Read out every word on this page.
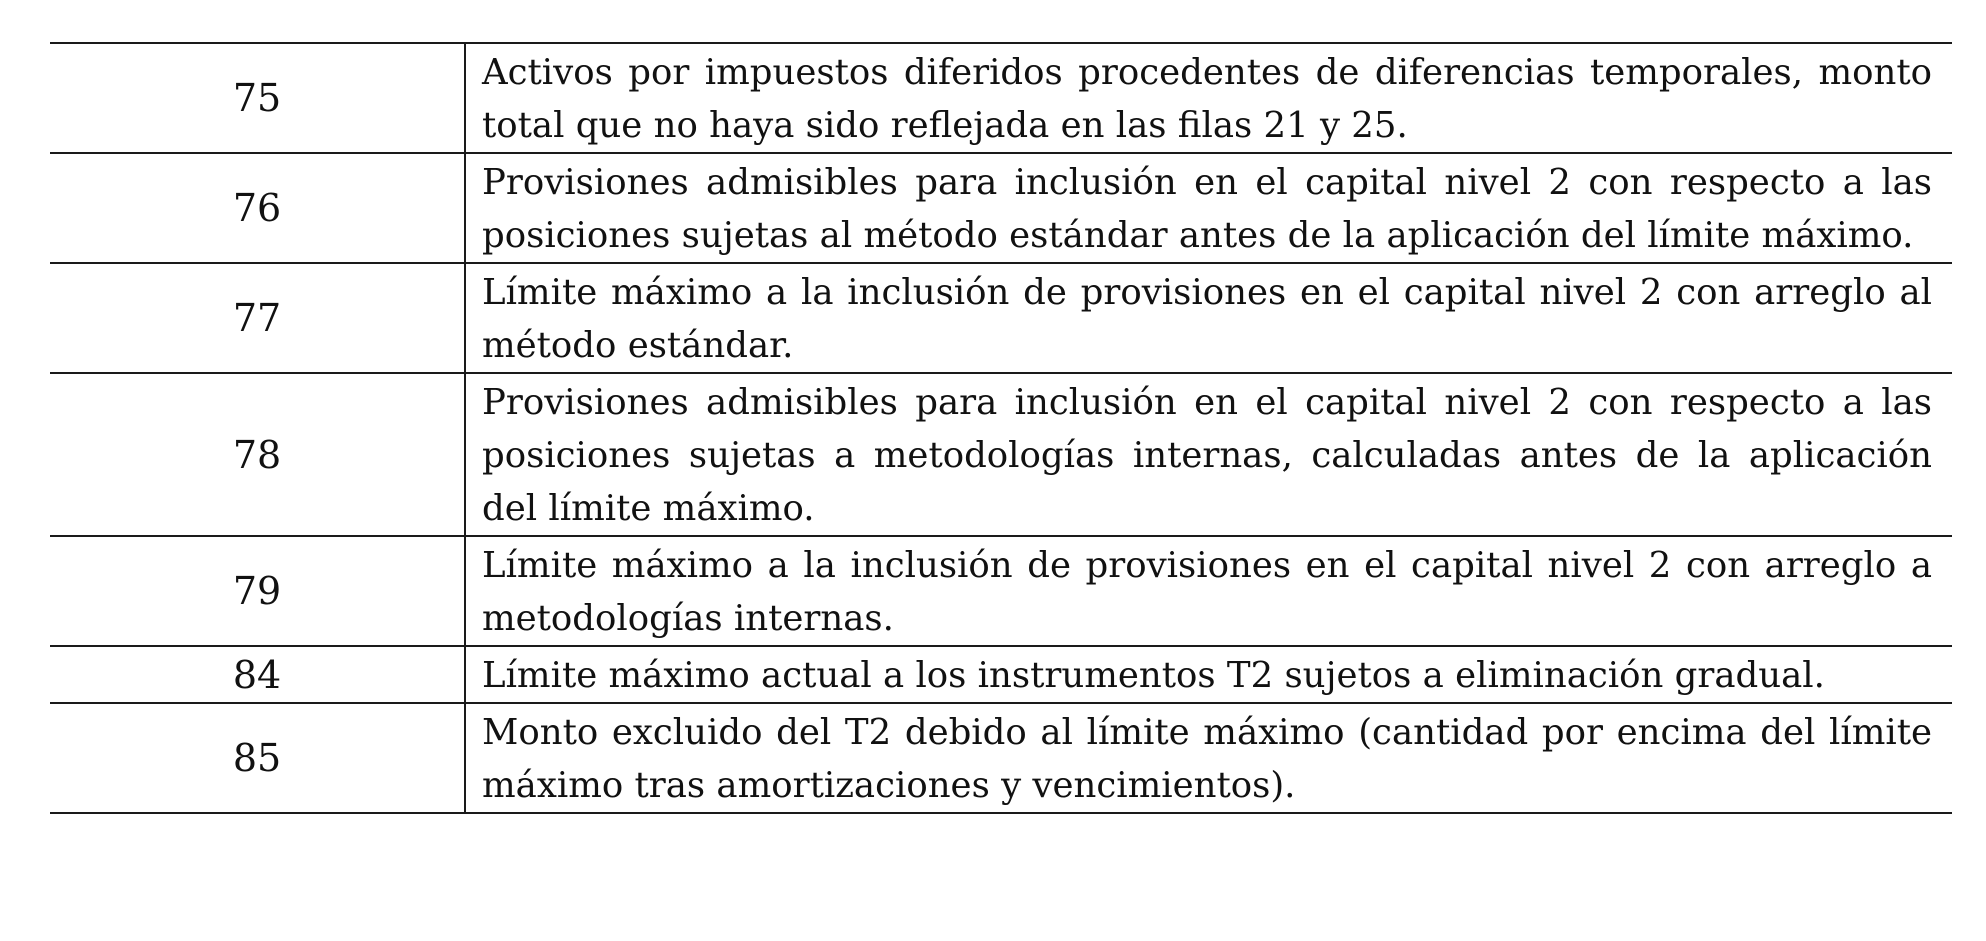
75	Activos por impuestos diferidos procedentes de diferencias temporales, monto total que no haya sido reflejada en las filas 21 y 25.
76	Provisiones admisibles para inclusión en el capital nivel 2 con respecto a las posiciones sujetas al método estándar antes de la aplicación del límite máximo.
77	Límite máximo a la inclusión de provisiones en el capital nivel 2 con arreglo al método estándar.
78	Provisiones admisibles para inclusión en el capital nivel 2 con respecto a las posiciones sujetas a metodologías internas, calculadas antes de la aplicación del límite máximo.
79	Límite máximo a la inclusión de provisiones en el capital nivel 2 con arreglo a metodologías internas.
84	Límite máximo actual a los instrumentos T2 sujetos a eliminación gradual.
85	Monto excluido del T2 debido al límite máximo (cantidad por encima del límite máximo tras amortizaciones y vencimientos).
